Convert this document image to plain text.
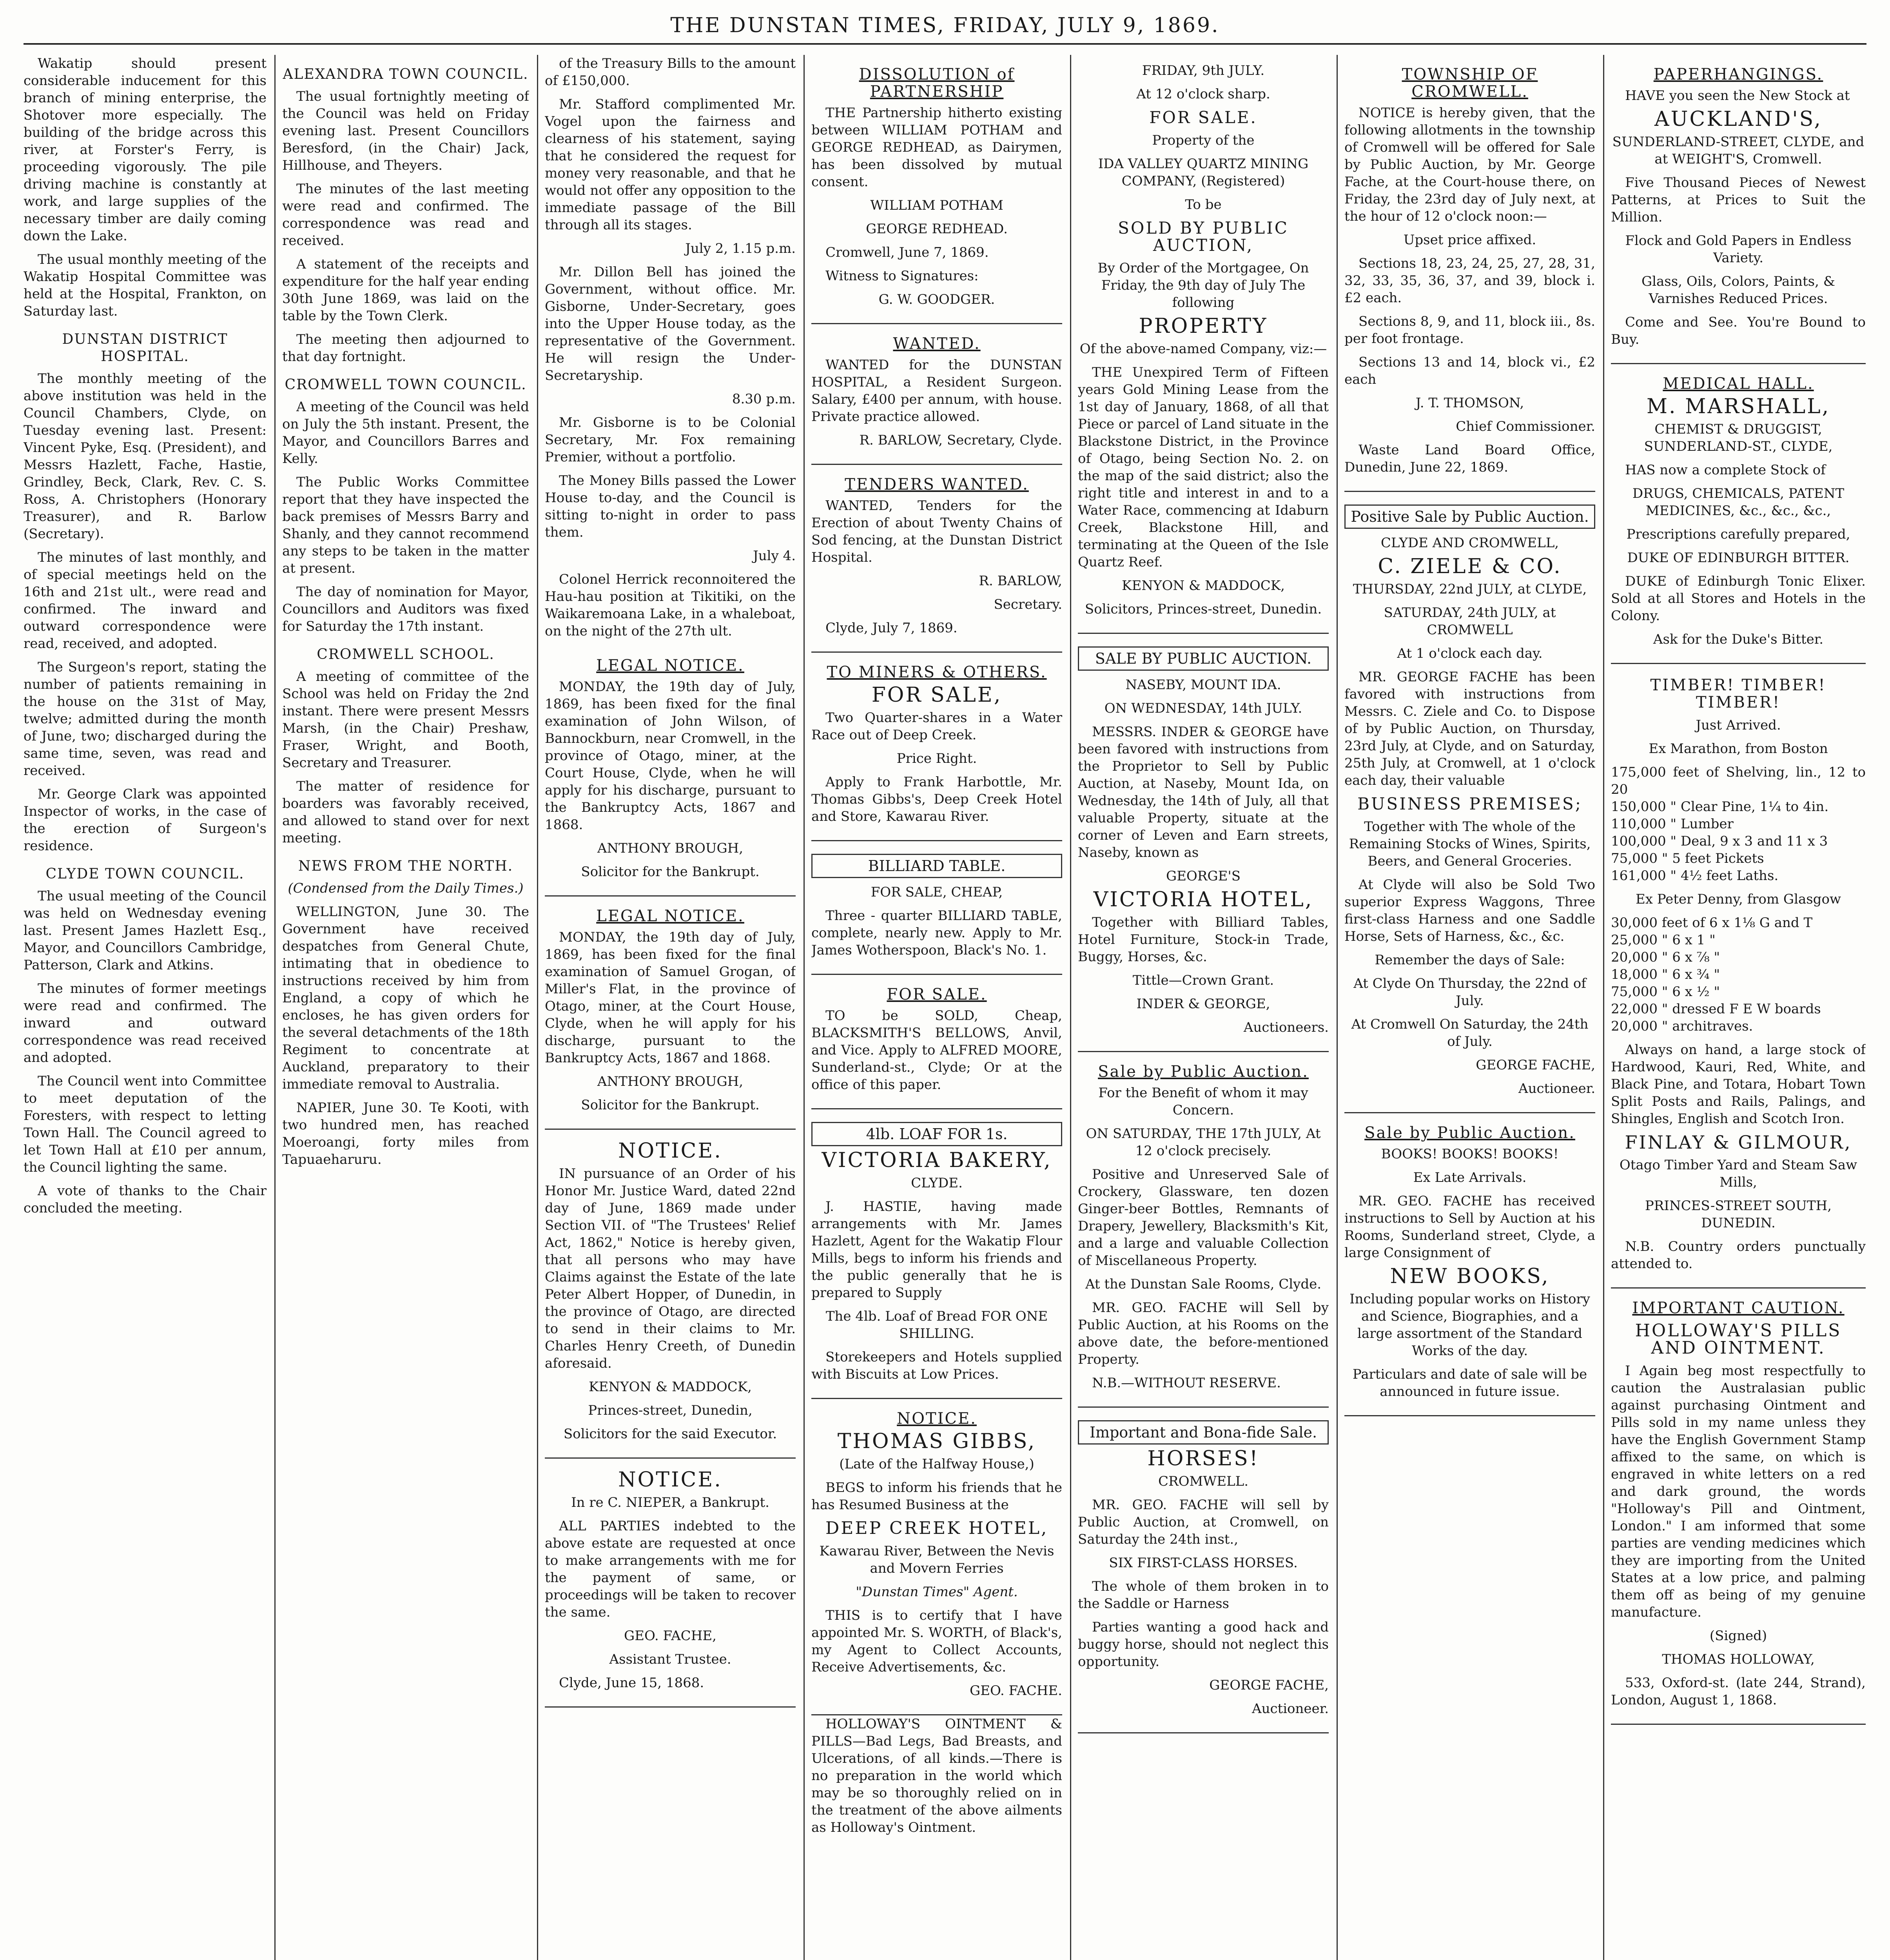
THE DUNSTAN TIMES, FRIDAY, JULY 9, 1869.

Wakatip should present considerable inducement for this branch of mining enterprise, the Shotover more especially. The building of the bridge across this river, at Forster's Ferry, is proceeding vigorously. The pile driving machine is constantly at work, and large supplies of the necessary timber are daily coming down the Lake.

The usual monthly meeting of the Wakatip Hospital Committee was held at the Hospital, Frankton, on Saturday last.

DUNSTAN DISTRICT HOSPITAL.

The monthly meeting of the above institution was held in the Council Chambers, Clyde, on Tuesday evening last. Present: Vincent Pyke, Esq. (President), and Messrs Hazlett, Fache, Hastie, Grindley, Beck, Clark, Rev. C. S. Ross, A. Christophers (Honorary Treasurer), and R. Barlow (Secretary).

The minutes of last monthly, and of special meetings held on the 16th and 21st ult., were read and confirmed. The inward and outward correspondence were read, received, and adopted.

The Surgeon's report, stating the number of patients remaining in the house on the 31st of May, twelve; admitted during the month of June, two; discharged during the same time, seven, was read and received.

Mr. George Clark was appointed Inspector of works, in the case of the erection of Surgeon's residence.

CLYDE TOWN COUNCIL.

The usual meeting of the Council was held on Wednesday evening last. Present James Hazlett Esq., Mayor, and Councillors Cambridge, Patterson, Clark and Atkins.

The minutes of former meetings were read and confirmed. The inward and outward correspondence was read received and adopted.

The Council went into Committee to meet deputation of the Foresters, with respect to letting Town Hall. The Council agreed to let Town Hall at £10 per annum, the Council lighting the same.

A vote of thanks to the Chair concluded the meeting.

ALEXANDRA TOWN COUNCIL.

The usual fortnightly meeting of the Council was held on Friday evening last. Present Councillors Beresford, (in the Chair) Jack, Hillhouse, and Theyers.

The minutes of the last meeting were read and confirmed. The correspondence was read and received.

A statement of the receipts and expenditure for the half year ending 30th June 1869, was laid on the table by the Town Clerk.

The meeting then adjourned to that day fortnight.

CROMWELL TOWN COUNCIL.

A meeting of the Council was held on July the 5th instant. Present, the Mayor, and Councillors Barres and Kelly.

The Public Works Committee report that they have inspected the back premises of Messrs Barry and Shanly, and they cannot recommend any steps to be taken in the matter at present.

The day of nomination for Mayor, Councillors and Auditors was fixed for Saturday the 17th instant.

CROMWELL SCHOOL.

A meeting of committee of the School was held on Friday the 2nd instant. There were present Messrs Marsh, (in the Chair) Preshaw, Fraser, Wright, and Booth, Secretary and Treasurer.

The matter of residence for boarders was favorably received, and allowed to stand over for next meeting.

NEWS FROM THE NORTH.

(Condensed from the Daily Times.)

WELLINGTON, June 30. The Government have received despatches from General Chute, intimating that in obedience to instructions received by him from England, a copy of which he encloses, he has given orders for the several detachments of the 18th Regiment to concentrate at Auckland, preparatory to their immediate removal to Australia.

NAPIER, June 30. Te Kooti, with two hundred men, has reached Moeroangi, forty miles from Tapuaeharuru.

of the Treasury Bills to the amount of £150,000.

Mr. Stafford complimented Mr. Vogel upon the fairness and clearness of his statement, saying that he considered the request for money very reasonable, and that he would not offer any opposition to the immediate passage of the Bill through all its stages.

July 2, 1.15 p.m.

Mr. Dillon Bell has joined the Government, without office. Mr. Gisborne, Under-Secretary, goes into the Upper House today, as the representative of the Government. He will resign the Under-Secretaryship.

8.30 p.m.

Mr. Gisborne is to be Colonial Secretary, Mr. Fox remaining Premier, without a portfolio.

The Money Bills passed the Lower House to-day, and the Council is sitting to-night in order to pass them.

July 4.

Colonel Herrick reconnoitered the Hau-hau position at Tikitiki, on the Waikaremoana Lake, in a whaleboat, on the night of the 27th ult.

LEGAL NOTICE.

MONDAY, the 19th day of July, 1869, has been fixed for the final examination of John Wilson, of Bannockburn, near Cromwell, in the province of Otago, miner, at the Court House, Clyde, when he will apply for his discharge, pursuant to the Bankruptcy Acts, 1867 and 1868.

ANTHONY BROUGH,

Solicitor for the Bankrupt.

LEGAL NOTICE.

MONDAY, the 19th day of July, 1869, has been fixed for the final examination of Samuel Grogan, of Miller's Flat, in the province of Otago, miner, at the Court House, Clyde, when he will apply for his discharge, pursuant to the Bankruptcy Acts, 1867 and 1868.

ANTHONY BROUGH,

Solicitor for the Bankrupt.

NOTICE.

IN pursuance of an Order of his Honor Mr. Justice Ward, dated 22nd day of June, 1869 made under Section VII. of "The Trustees' Relief Act, 1862," Notice is hereby given, that all persons who may have Claims against the Estate of the late Peter Albert Hopper, of Dunedin, in the province of Otago, are directed to send in their claims to Mr. Charles Henry Creeth, of Dunedin aforesaid.

KENYON & MADDOCK,

Princes-street, Dunedin,

Solicitors for the said Executor.

NOTICE.

In re C. NIEPER, a Bankrupt.

ALL PARTIES indebted to the above estate are requested at once to make arrangements with me for the payment of same, or proceedings will be taken to recover the same.

GEO. FACHE,

Assistant Trustee.

Clyde, June 15, 1868.

DISSOLUTION of PARTNERSHIP

THE Partnership hitherto existing between WILLIAM POTHAM and GEORGE REDHEAD, as Dairymen, has been dissolved by mutual consent.

WILLIAM POTHAM

GEORGE REDHEAD.

Cromwell, June 7, 1869.

Witness to Signatures:

G. W. GOODGER.

WANTED.

WANTED for the DUNSTAN HOSPITAL, a Resident Surgeon. Salary, £400 per annum, with house. Private practice allowed.

R. BARLOW, Secretary, Clyde.

TENDERS WANTED.

WANTED, Tenders for the Erection of about Twenty Chains of Sod fencing, at the Dunstan District Hospital.

R. BARLOW,

Secretary.

Clyde, July 7, 1869.

TO MINERS & OTHERS.
FOR SALE,

Two Quarter-shares in a Water Race out of Deep Creek.

Price Right.

Apply to Frank Harbottle, Mr. Thomas Gibbs's, Deep Creek Hotel and Store, Kawarau River.

BILLIARD TABLE.

FOR SALE, CHEAP,

Three - quarter BILLIARD TABLE, complete, nearly new. Apply to Mr. James Wotherspoon, Black's No. 1.

FOR SALE.

TO be SOLD, Cheap, BLACKSMITH'S BELLOWS, Anvil, and Vice. Apply to ALFRED MOORE, Sunderland-st., Clyde; Or at the office of this paper.

4lb. LOAF FOR 1s.
VICTORIA BAKERY,

CLYDE.

J. HASTIE, having made arrangements with Mr. James Hazlett, Agent for the Wakatip Flour Mills, begs to inform his friends and the public generally that he is prepared to Supply

The 4lb. Loaf of Bread FOR ONE SHILLING.

Storekeepers and Hotels supplied with Biscuits at Low Prices.

NOTICE.
THOMAS GIBBS,

(Late of the Halfway House,)

BEGS to inform his friends that he has Resumed Business at the

DEEP CREEK HOTEL,

Kawarau River, Between the Nevis and Movern Ferries

"Dunstan Times" Agent.

THIS is to certify that I have appointed Mr. S. WORTH, of Black's, my Agent to Collect Accounts, Receive Advertisements, &c.

GEO. FACHE.

HOLLOWAY'S OINTMENT & PILLS—Bad Legs, Bad Breasts, and Ulcerations, of all kinds.—There is no preparation in the world which may be so thoroughly relied on in the treatment of the above ailments as Holloway's Ointment.

FRIDAY, 9th JULY.

At 12 o'clock sharp.

FOR SALE.

Property of the

IDA VALLEY QUARTZ MINING COMPANY, (Registered)

To be

SOLD BY PUBLIC AUCTION,

By Order of the Mortgagee, On Friday, the 9th day of July The following

PROPERTY

Of the above-named Company, viz:—

THE Unexpired Term of Fifteen years Gold Mining Lease from the 1st day of January, 1868, of all that Piece or parcel of Land situate in the Blackstone District, in the Province of Otago, being Section No. 2. on the map of the said district; also the right title and interest in and to a Water Race, commencing at Idaburn Creek, Blackstone Hill, and terminating at the Queen of the Isle Quartz Reef.

KENYON & MADDOCK,

Solicitors, Princes-street, Dunedin.

SALE BY PUBLIC AUCTION.

NASEBY, MOUNT IDA.

ON WEDNESDAY, 14th JULY.

MESSRS. INDER & GEORGE have been favored with instructions from the Proprietor to Sell by Public Auction, at Naseby, Mount Ida, on Wednesday, the 14th of July, all that valuable Property, situate at the corner of Leven and Earn streets, Naseby, known as

GEORGE'S

VICTORIA HOTEL,

Together with Billiard Tables, Hotel Furniture, Stock-in Trade, Buggy, Horses, &c.

Tittle—Crown Grant.

INDER & GEORGE,

Auctioneers.

Sale by Public Auction.

For the Benefit of whom it may Concern.

ON SATURDAY, THE 17th JULY, At 12 o'clock precisely.

Positive and Unreserved Sale of Crockery, Glassware, ten dozen Ginger-beer Bottles, Remnants of Drapery, Jewellery, Blacksmith's Kit, and a large and valuable Collection of Miscellaneous Property.

At the Dunstan Sale Rooms, Clyde.

MR. GEO. FACHE will Sell by Public Auction, at his Rooms on the above date, the before-mentioned Property.

N.B.—WITHOUT RESERVE.

Important and Bona-fide Sale.
HORSES!

CROMWELL.

MR. GEO. FACHE will sell by Public Auction, at Cromwell, on Saturday the 24th inst.,

SIX FIRST-CLASS HORSES.

The whole of them broken in to the Saddle or Harness

Parties wanting a good hack and buggy horse, should not neglect this opportunity.

GEORGE FACHE,

Auctioneer.

TOWNSHIP OF CROMWELL.

NOTICE is hereby given, that the following allotments in the township of Cromwell will be offered for Sale by Public Auction, by Mr. George Fache, at the Court-house there, on Friday, the 23rd day of July next, at the hour of 12 o'clock noon:—

Upset price affixed.

Sections 18, 23, 24, 25, 27, 28, 31, 32, 33, 35, 36, 37, and 39, block i. £2 each.

Sections 8, 9, and 11, block iii., 8s. per foot frontage.

Sections 13 and 14, block vi., £2 each

J. T. THOMSON,

Chief Commissioner.

Waste Land Board Office, Dunedin, June 22, 1869.

Positive Sale by Public Auction.

CLYDE AND CROMWELL,

C. ZIELE & CO.

THURSDAY, 22nd JULY, at CLYDE,

SATURDAY, 24th JULY, at CROMWELL

At 1 o'clock each day.

MR. GEORGE FACHE has been favored with instructions from Messrs. C. Ziele and Co. to Dispose of by Public Auction, on Thursday, 23rd July, at Clyde, and on Saturday, 25th July, at Cromwell, at 1 o'clock each day, their valuable

BUSINESS PREMISES;

Together with The whole of the Remaining Stocks of Wines, Spirits, Beers, and General Groceries.

At Clyde will also be Sold Two superior Express Waggons, Three first-class Harness and one Saddle Horse, Sets of Harness, &c., &c.

Remember the days of Sale:

At Clyde On Thursday, the 22nd of July.

At Cromwell On Saturday, the 24th of July.

GEORGE FACHE,

Auctioneer.

Sale by Public Auction.

BOOKS! BOOKS! BOOKS!

Ex Late Arrivals.

MR. GEO. FACHE has received instructions to Sell by Auction at his Rooms, Sunderland street, Clyde, a large Consignment of

NEW BOOKS,

Including popular works on History and Science, Biographies, and a large assortment of the Standard Works of the day.

Particulars and date of sale will be announced in future issue.

PAPERHANGINGS.

HAVE you seen the New Stock at

AUCKLAND'S,

SUNDERLAND-STREET, CLYDE, and at WEIGHT'S, Cromwell.

Five Thousand Pieces of Newest Patterns, at Prices to Suit the Million.

Flock and Gold Papers in Endless Variety.

Glass, Oils, Colors, Paints, & Varnishes Reduced Prices.

Come and See. You're Bound to Buy.

MEDICAL HALL.
M. MARSHALL,

CHEMIST & DRUGGIST, SUNDERLAND-ST., CLYDE,

HAS now a complete Stock of

DRUGS, CHEMICALS, PATENT MEDICINES, &c., &c., &c.,

Prescriptions carefully prepared,

DUKE OF EDINBURGH BITTER.

DUKE of Edinburgh Tonic Elixer. Sold at all Stores and Hotels in the Colony.

Ask for the Duke's Bitter.

TIMBER! TIMBER! TIMBER!

Just Arrived.

Ex Marathon, from Boston

175,000 feet of Shelving, lin., 12 to 20
150,000 " Clear Pine, 1¼ to 4in.
110,000 " Lumber
100,000 " Deal, 9 x 3 and 11 x 3
75,000 " 5 feet Pickets
161,000 " 4½ feet Laths.

Ex Peter Denny, from Glasgow

30,000 feet of 6 x 1⅛ G and T
25,000 " 6 x 1 "
20,000 " 6 x ⅞ "
18,000 " 6 x ¾ "
75,000 " 6 x ½ "
22,000 " dressed F E W boards
20,000 " architraves.

Always on hand, a large stock of Hardwood, Kauri, Red, White, and Black Pine, and Totara, Hobart Town Split Posts and Rails, Palings, and Shingles, English and Scotch Iron.

FINLAY & GILMOUR,

Otago Timber Yard and Steam Saw Mills,

PRINCES-STREET SOUTH, DUNEDIN.

N.B. Country orders punctually attended to.

IMPORTANT CAUTION.
HOLLOWAY'S PILLS AND OINTMENT.

I Again beg most respectfully to caution the Australasian public against purchasing Ointment and Pills sold in my name unless they have the English Government Stamp affixed to the same, on which is engraved in white letters on a red and dark ground, the words "Holloway's Pill and Ointment, London." I am informed that some parties are vending medicines which they are importing from the United States at a low price, and palming them off as being of my genuine manufacture.

(Signed)

THOMAS HOLLOWAY,

533, Oxford-st. (late 244, Strand), London, August 1, 1868.
